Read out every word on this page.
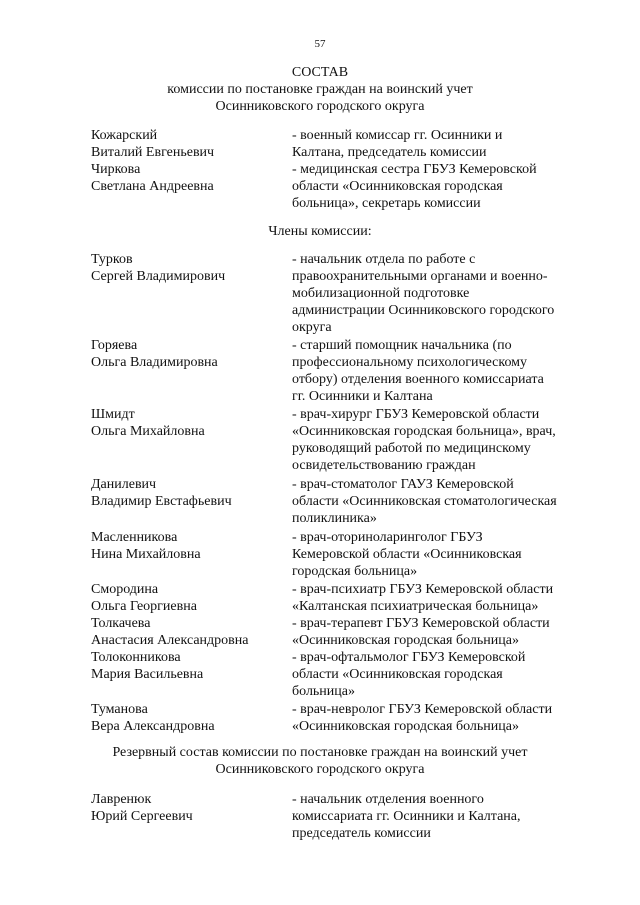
57
СОСТАВ
комиссии по постановке граждан на воинский учет
Осинниковского городского округа
Кожарский
Виталий Евгеньевич
- военный комиссар гг. Осинники и
Калтана, председатель комиссии
Чиркова
Светлана Андреевна
- медицинская сестра ГБУЗ Кемеровской
области «Осинниковская городская
больница», секретарь комиссии
Члены комиссии:
Турков
Сергей Владимирович
- начальник отдела по работе с
правоохранительными органами и военно-
мобилизационной подготовке
администрации Осинниковского городского
округа
Горяева
Ольга Владимировна
- старший помощник начальника (по
профессиональному психологическому
отбору) отделения военного комиссариата
гг. Осинники и Калтана
Шмидт
Ольга Михайловна
- врач-хирург ГБУЗ Кемеровской области
«Осинниковская городская больница», врач,
руководящий работой по медицинскому
освидетельствованию граждан
Данилевич
Владимир Евстафьевич
- врач-стоматолог ГАУЗ Кемеровской
области «Осинниковская стоматологическая
поликлиника»
Масленникова
Нина Михайловна
- врач-оториноларинголог ГБУЗ
Кемеровской области «Осинниковская
городская больница»
Смородина
Ольга Георгиевна
- врач-психиатр ГБУЗ Кемеровской области
«Калтанская психиатрическая больница»
Толкачева
Анастасия Александровна
- врач-терапевт ГБУЗ Кемеровской области
«Осинниковская городская больница»
Толоконникова
Мария Васильевна
- врач-офтальмолог ГБУЗ Кемеровской
области «Осинниковская городская
больница»
Туманова
Вера Александровна
- врач-невролог ГБУЗ Кемеровской области
«Осинниковская городская больница»
Резервный состав комиссии по постановке граждан на воинский учет
Осинниковского городского округа
Лавренюк
Юрий Сергеевич
- начальник отделения военного
комиссариата гг. Осинники и Калтана,
председатель комиссии
